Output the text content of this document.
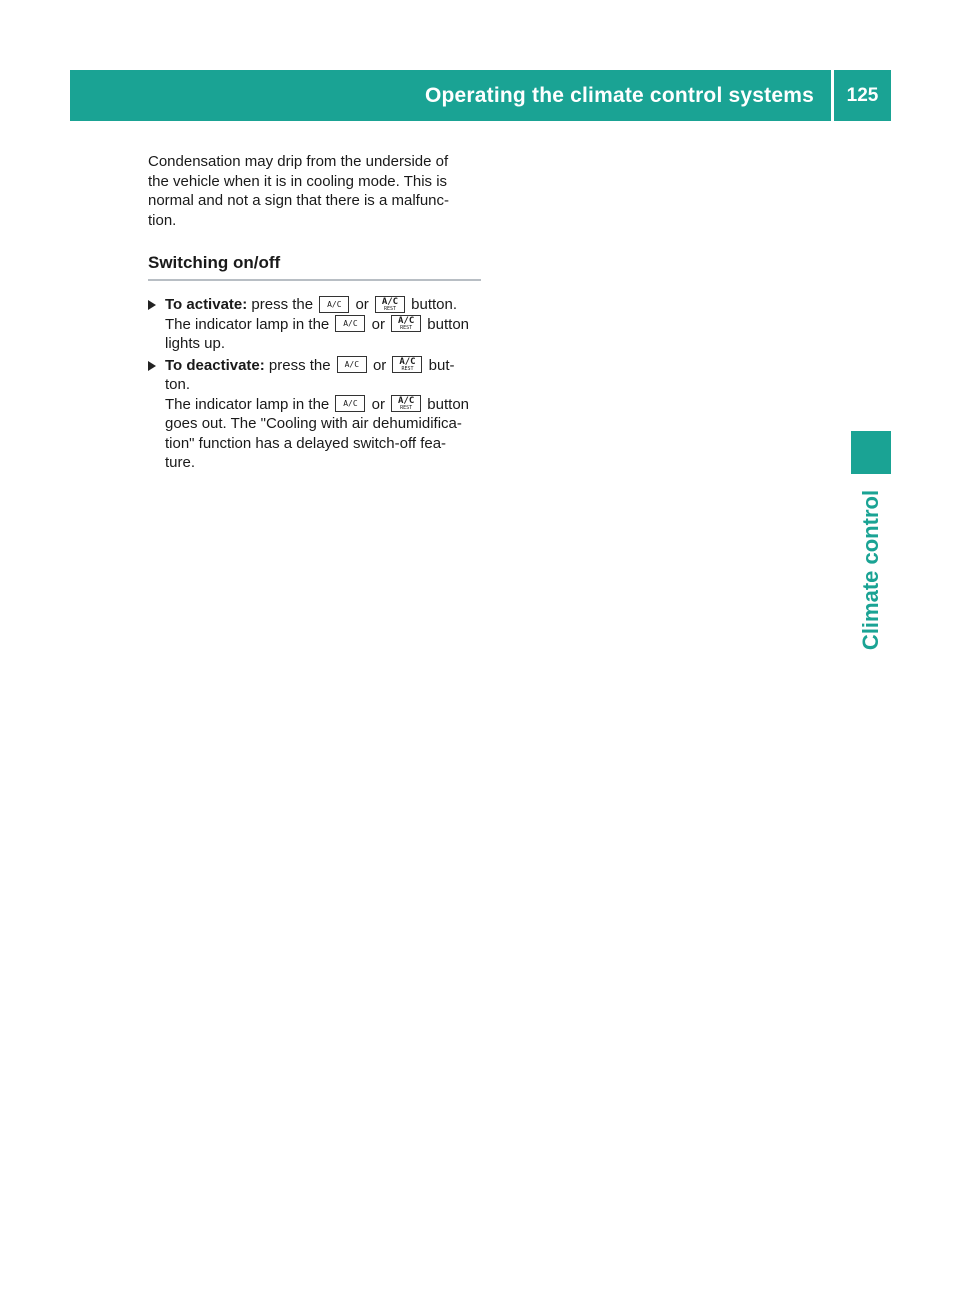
Operating the climate control systems	125
Climate control

Condensation may drip from the underside of
the vehicle when it is in cooling mode. This is
normal and not a sign that there is a malfunc-
tion.

Switching on/off
To activate: press the A/C or	A/C
REST	button.
The indicator lamp in the A/C or	A/C
REST	button
lights up.
To deactivate: press the A/C or	A/C
REST	but-
ton.
The indicator lamp in the A/C or	A/C
REST	button
goes out. The "Cooling with air dehumidifica-
tion" function has a delayed switch-off fea-
ture.
